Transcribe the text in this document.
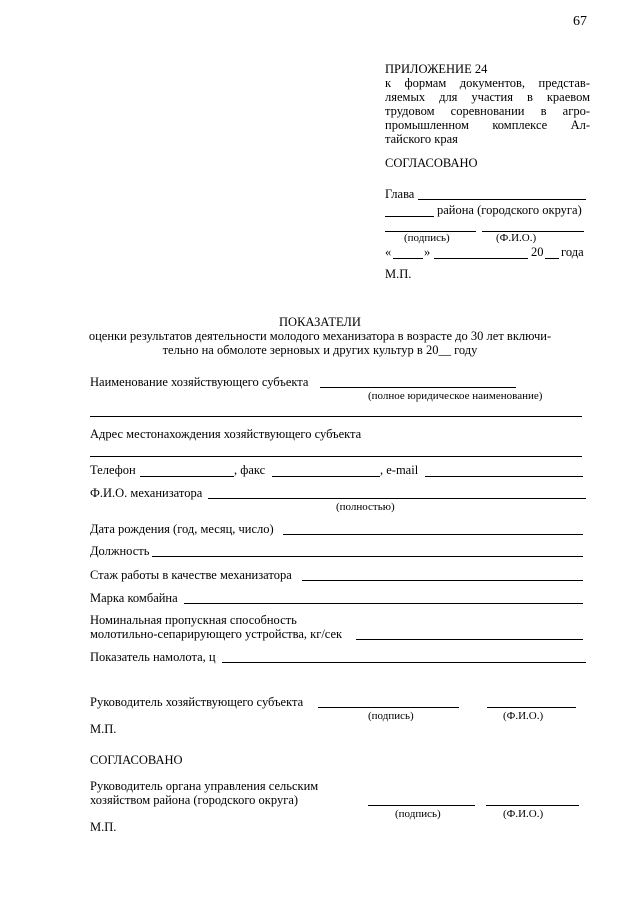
67
ПРИЛОЖЕНИЕ 24
к формам документов, представ-
ляемых для участия в краевом
трудовом соревновании в агро-
промышленном комплексе Ал-
тайского края
СОГЛАСОВАНО
Глава
района (городского округа)
(подпись)	(Ф.И.О.)
«	»	20 года
М.П.
ПОКАЗАТЕЛИ
оценки результатов деятельности молодого механизатора в возрасте до 30 лет включи-
тельно на обмолоте зерновых и других культур в 20__ году
Наименование хозяйствующего субъекта
(полное юридическое наименование)
Адрес местонахождения хозяйствующего субъекта
Телефон	, факс	, e-mail
Ф.И.О. механизатора
(полностью)
Дата рождения (год, месяц, число)
Должность
Стаж работы в качестве механизатора
Марка комбайна
Номинальная пропускная способность
молотильно-сепарирующего устройства, кг/сек
Показатель намолота, ц
Руководитель хозяйствующего субъекта
(подпись)	(Ф.И.О.)
М.П.
СОГЛАСОВАНО
Руководитель органа управления сельским
хозяйством района (городского округа)
(подпись)	(Ф.И.О.)
М.П.
